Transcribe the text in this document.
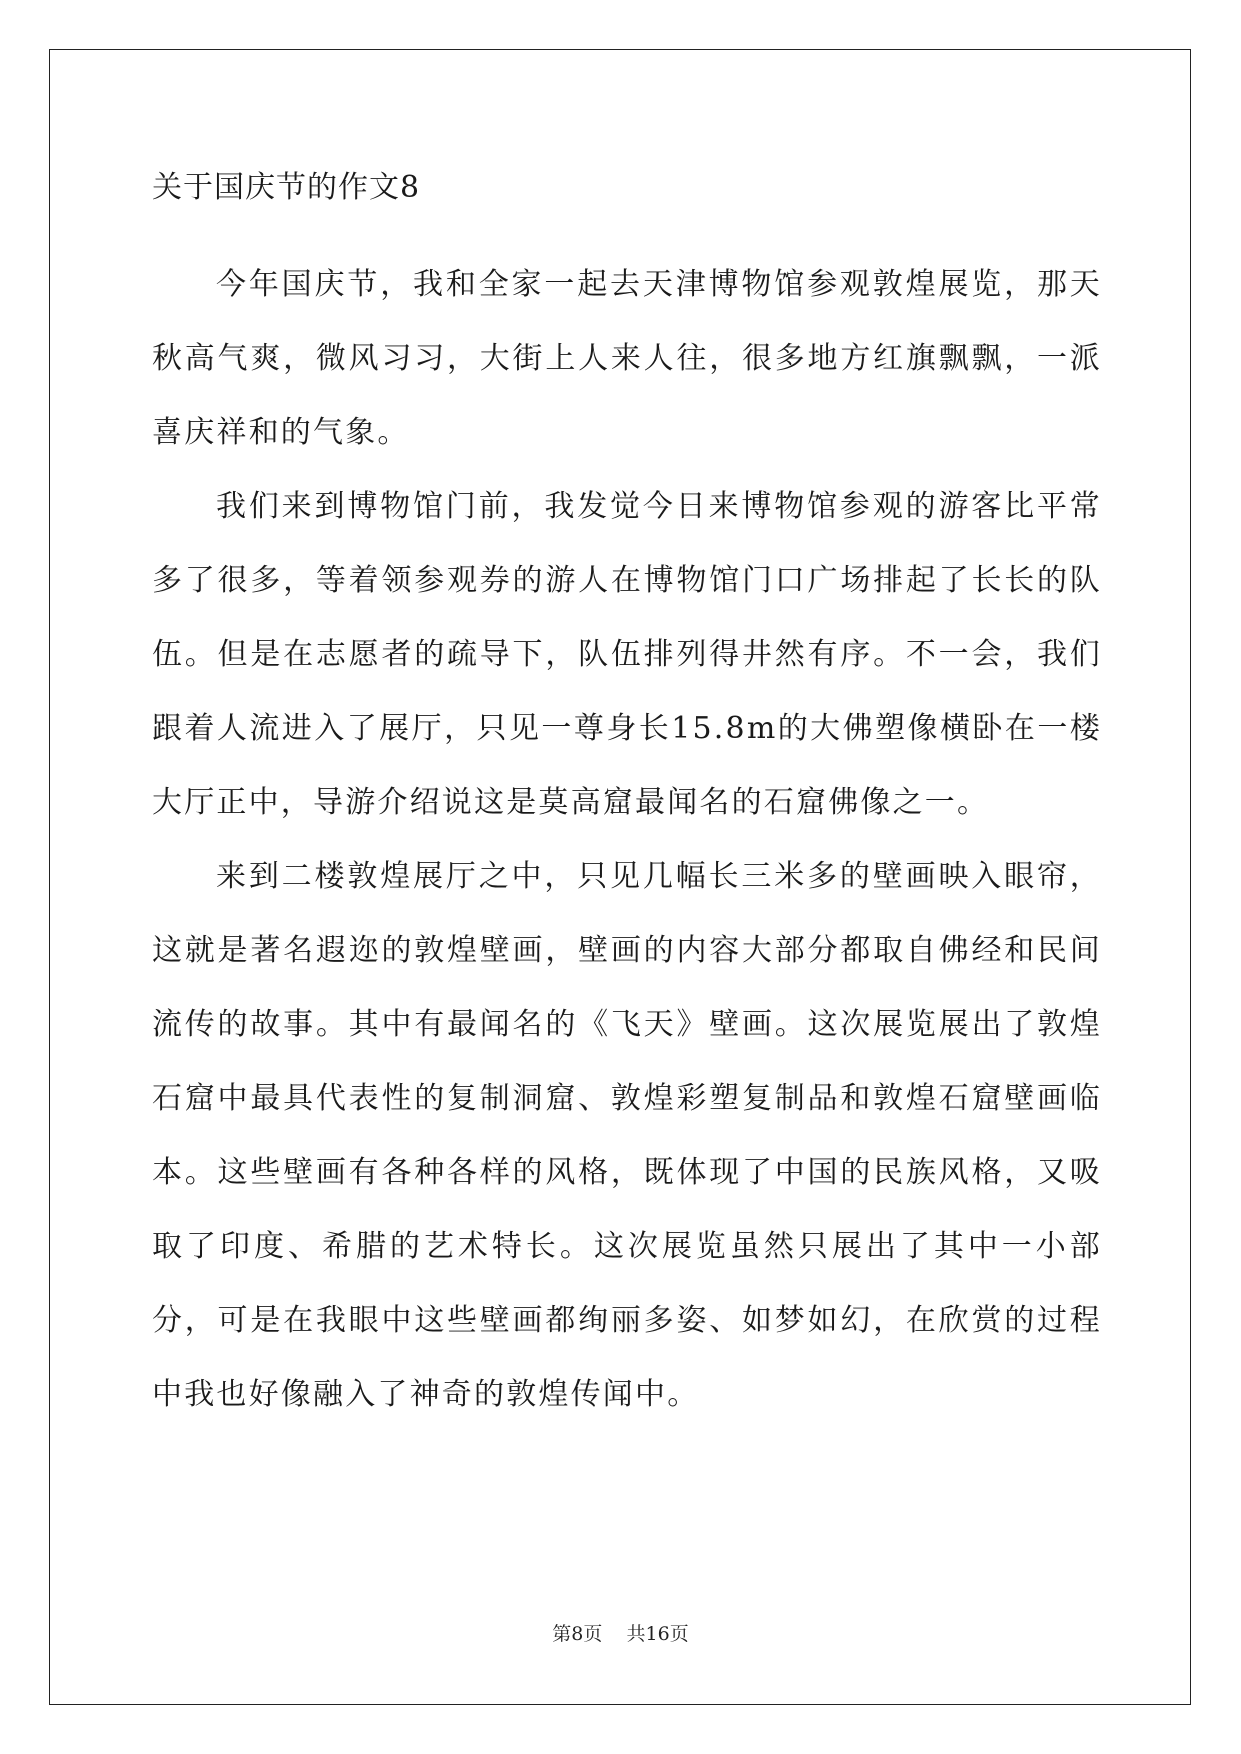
关于国庆节的作文8

今年国庆节，我和全家一起去天津博物馆参观敦煌展览，那天秋高气爽，微风习习，大街上人来人往，很多地方红旗飘飘，一派喜庆祥和的气象。

我们来到博物馆门前，我发觉今日来博物馆参观的游客比平常多了很多，等着领参观券的游人在博物馆门口广场排起了长长的队伍。但是在志愿者的疏导下，队伍排列得井然有序。不一会，我们跟着人流进入了展厅，只见一尊身长15.8m的大佛塑像横卧在一楼大厅正中，导游介绍说这是莫高窟最闻名的石窟佛像之一。

来到二楼敦煌展厅之中，只见几幅长三米多的壁画映入眼帘，这就是著名遐迩的敦煌壁画，壁画的内容大部分都取自佛经和民间流传的故事。其中有最闻名的《飞天》壁画。这次展览展出了敦煌石窟中最具代表性的复制洞窟、敦煌彩塑复制品和敦煌石窟壁画临本。这些壁画有各种各样的风格，既体现了中国的民族风格，又吸取了印度、希腊的艺术特长。这次展览虽然只展出了其中一小部分，可是在我眼中这些壁画都绚丽多姿、如梦如幻，在欣赏的过程中我也好像融入了神奇的敦煌传闻中。

第8页 共16页
